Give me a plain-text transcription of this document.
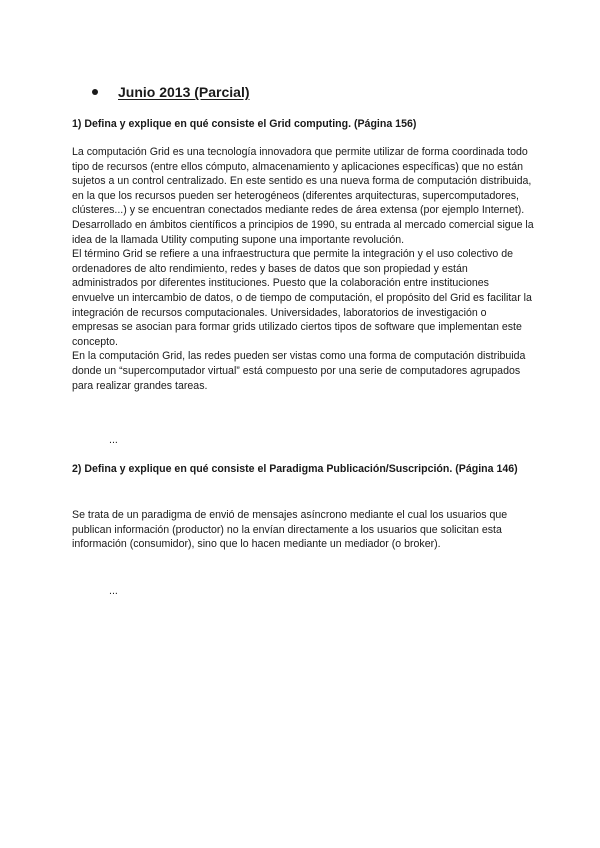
Junio 2013 (Parcial)
1) Defina y explique en qué consiste el Grid computing. (Página 156)

La computación Grid es una tecnología innovadora que permite utilizar de forma coordinada todo tipo de recursos (entre ellos cómputo, almacenamiento y aplicaciones específicas) que no están sujetos a un control centralizado. En este sentido es una nueva forma de computación distribuida, en la que los recursos pueden ser heterogéneos (diferentes arquitecturas, supercomputadores, clústeres...) y se encuentran conectados mediante redes de área extensa (por ejemplo Internet). Desarrollado en ámbitos científicos a principios de 1990, su entrada al mercado comercial sigue la idea de la llamada Utility computing supone una importante revolución.

El término Grid se refiere a una infraestructura que permite la integración y el uso colectivo de ordenadores de alto rendimiento, redes y bases de datos que son propiedad y están administrados por diferentes instituciones. Puesto que la colaboración entre instituciones envuelve un intercambio de datos, o de tiempo de computación, el propósito del Grid es facilitar la integración de recursos computacionales. Universidades, laboratorios de investigación o empresas se asocian para formar grids utilizado ciertos tipos de software que implementan este concepto.

En la computación Grid, las redes pueden ser vistas como una forma de computación distribuida donde un “supercomputador virtual” está compuesto por una serie de computadores agrupados para realizar grandes tareas.

...
2) Defina y explique en qué consiste el Paradigma Publicación/Suscripción. (Página 146)

Se trata de un paradigma de envió de mensajes asíncrono mediante el cual los usuarios que publican información (productor) no la envían directamente a los usuarios que solicitan esta información (consumidor), sino que lo hacen mediante un mediador (o broker).

...
